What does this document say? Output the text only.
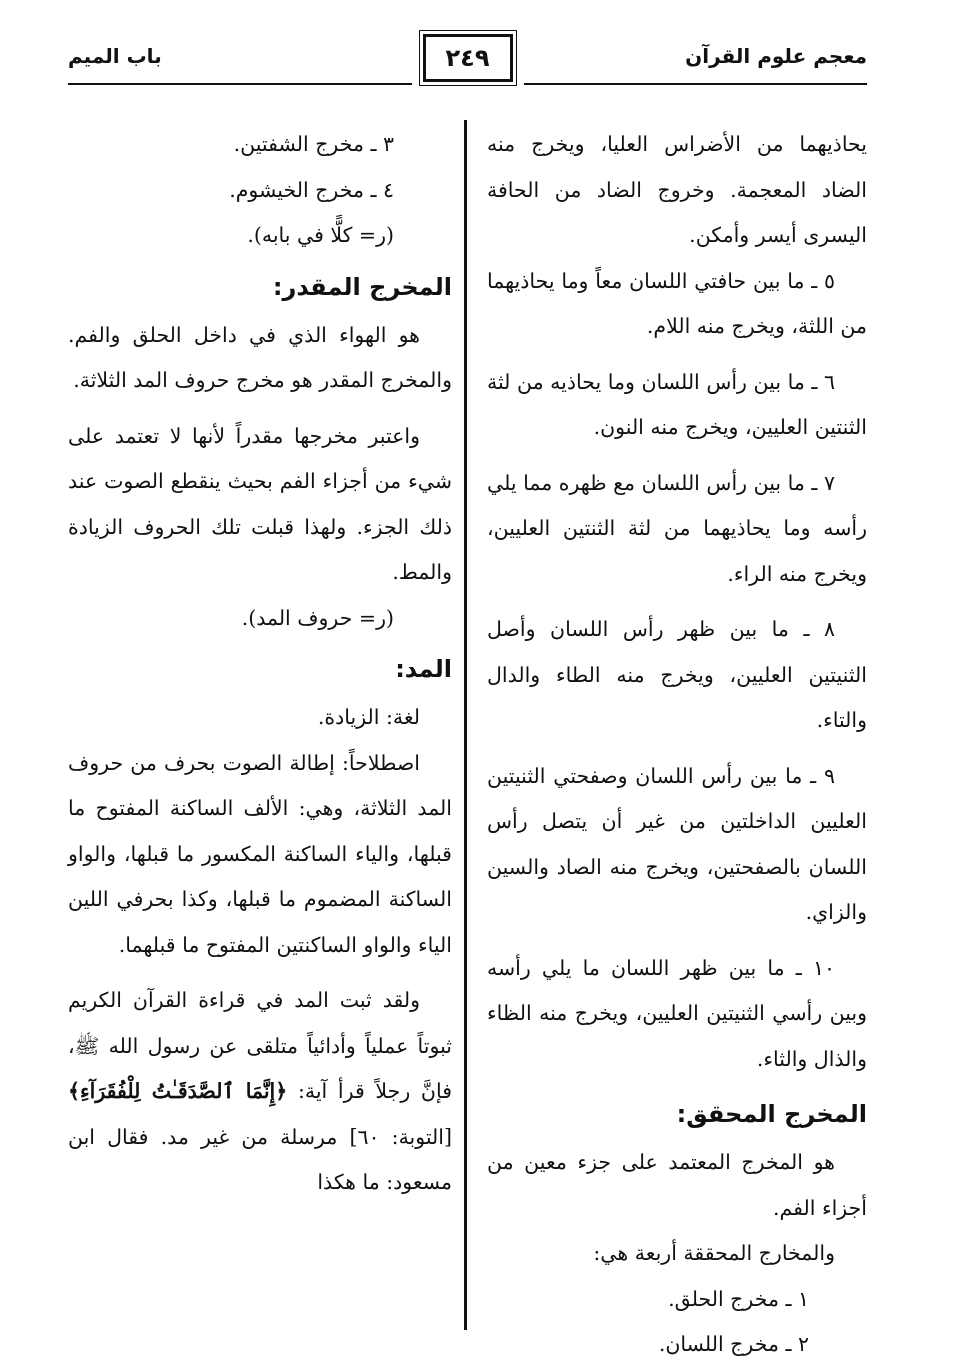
معجم علوم القرآن
٢٤٩
باب الميم

يحاذيهما من الأضراس العليا، ويخرج منه الضاد المعجمة. وخروج الضاد من الحافة اليسرى أيسر وأمكن.

٥ ـ ما بين حافتي اللسان معاً وما يحاذيهما من اللثة، ويخرج منه اللام.

٦ ـ ما بين رأس اللسان وما يحاذيه من لثة الثنتين العليين، ويخرج منه النون.

٧ ـ ما بين رأس اللسان مع ظهره مما يلي رأسه وما يحاذيهما من لثة الثنتين العليين، ويخرج منه الراء.

٨ ـ ما بين ظهر رأس اللسان وأصل الثنيتين العليين، ويخرج منه الطاء والدال والتاء.

٩ ـ ما بين رأس اللسان وصفحتي الثنيتين العليين الداخلتين من غير أن يتصل رأس اللسان بالصفحتين، ويخرج منه الصاد والسين والزاي.

١٠ ـ ما بين ظهر اللسان ما يلي رأسه وبين رأسي الثنيتين العليين، ويخرج منه الظاء والذال والثاء.

المخرج المحقق:

هو المخرج المعتمد على جزء معين من أجزاء الفم.

والمخارج المحققة أربعة هي:

١ ـ مخرج الحلق.

٢ ـ مخرج اللسان.

٣ ـ مخرج الشفتين.

٤ ـ مخرج الخيشوم.

(ر= كلًّا في بابه).

المخرج المقدر:

هو الهواء الذي في داخل الحلق والفم. والمخرج المقدر هو مخرج حروف المد الثلاثة.

واعتبر مخرجها مقدراً لأنها لا تعتمد على شيء من أجزاء الفم بحيث ينقطع الصوت عند ذلك الجزء. ولهذا قبلت تلك الحروف الزيادة والمط.

(ر= حروف المد).

المد:

لغة: الزيادة.

اصطلاحاً: إطالة الصوت بحرف من حروف المد الثلاثة، وهي: الألف الساكنة المفتوح ما قبلها، والياء الساكنة المكسور ما قبلها، والواو الساكنة المضموم ما قبلها، وكذا بحرفي اللين الياء والواو الساكنتين المفتوح ما قبلهما.

ولقد ثبت المد في قراءة القرآن الكريم ثبوتاً عملياً وأدائياً متلقى عن رسول الله ﷺ، فإنَّ رجلاً قرأ آية: ﴿إِنَّمَا ٱلصَّدَقَـٰتُ لِلْفُقَرَآءِ﴾ [التوبة: ٦٠] مرسلة من غير مد. فقال ابن مسعود: ما هكذا
